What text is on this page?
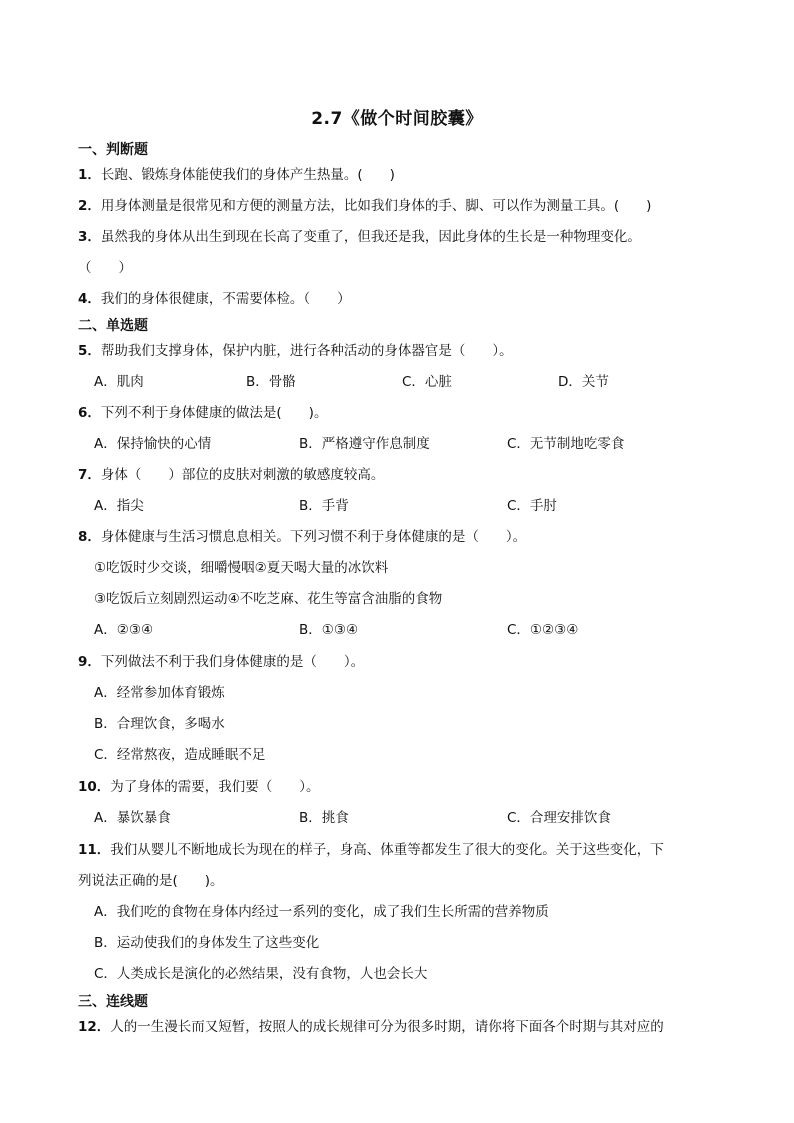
2.7《做个时间胶囊》
一、判断题
1．长跑、锻炼身体能使我们的身体产生热量。(　　)
2．用身体测量是很常见和方便的测量方法，比如我们身体的手、脚、可以作为测量工具。(　　)
3．虽然我的身体从出生到现在长高了变重了，但我还是我，因此身体的生长是一种物理变化。
（　　）
4．我们的身体很健康，不需要体检。（　　）
二、单选题
5．帮助我们支撑身体，保护内脏，进行各种活动的身体器官是（　　）。
A．肌肉	B．骨骼	C．心脏	D．关节
6．下列不利于身体健康的做法是(　　)。
A．保持愉快的心情	B．严格遵守作息制度	C．无节制地吃零食
7．身体（　　）部位的皮肤对刺激的敏感度较高。
A．指尖	B．手背	C．手肘
8．身体健康与生活习惯息息相关。下列习惯不利于身体健康的是（　　）。
①吃饭时少交谈，细嚼慢咽②夏天喝大量的冰饮料
③吃饭后立刻剧烈运动④不吃芝麻、花生等富含油脂的食物
A．②③④	B．①③④	C．①②③④
9．下列做法不利于我们身体健康的是（　　）。
A．经常参加体育锻炼
B．合理饮食，多喝水
C．经常熬夜，造成睡眠不足
10．为了身体的需要，我们要（　　）。
A．暴饮暴食	B．挑食	C．合理安排饮食
11．我们从婴儿不断地成长为现在的样子，身高、体重等都发生了很大的变化。关于这些变化，下
列说法正确的是(　　)。
A．我们吃的食物在身体内经过一系列的变化，成了我们生长所需的营养物质
B．运动使我们的身体发生了这些变化
C．人类成长是演化的必然结果，没有食物，人也会长大
三、连线题
12．人的一生漫长而又短暂，按照人的成长规律可分为很多时期，请你将下面各个时期与其对应的
